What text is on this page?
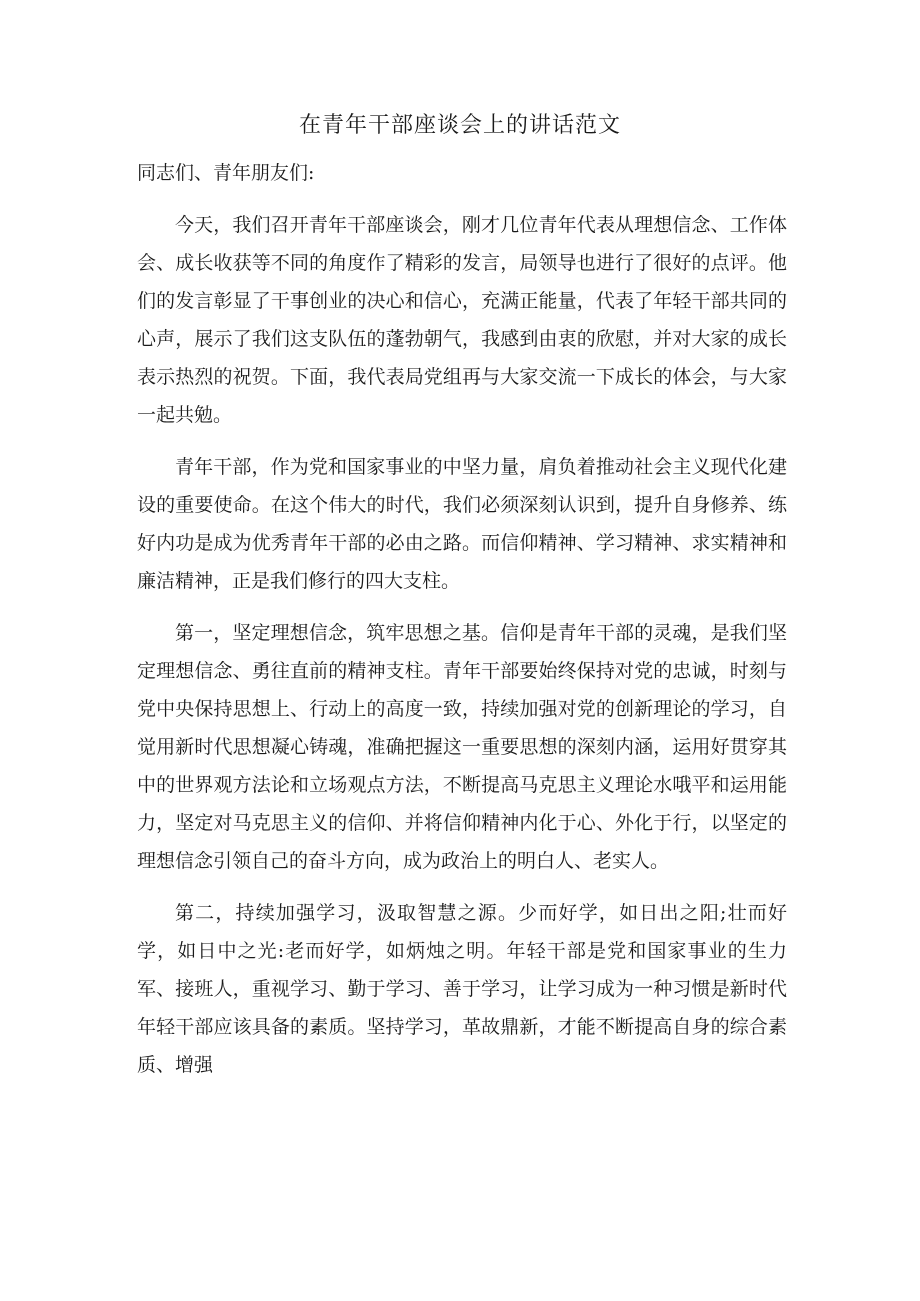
在青年干部座谈会上的讲话范文

同志们、青年朋友们:

今天，我们召开青年干部座谈会，刚才几位青年代表从理想信念、工作体会、成长收获等不同的角度作了精彩的发言，局领导也进行了很好的点评。他们的发言彰显了干事创业的决心和信心，充满正能量，代表了年轻干部共同的心声，展示了我们这支队伍的蓬勃朝气，我感到由衷的欣慰，并对大家的成长表示热烈的祝贺。下面，我代表局党组再与大家交流一下成长的体会，与大家一起共勉。

青年干部，作为党和国家事业的中坚力量，肩负着推动社会主义现代化建设的重要使命。在这个伟大的时代，我们必须深刻认识到，提升自身修养、练好内功是成为优秀青年干部的必由之路。而信仰精神、学习精神、求实精神和廉洁精神，正是我们修行的四大支柱。

第一，坚定理想信念，筑牢思想之基。信仰是青年干部的灵魂，是我们坚定理想信念、勇往直前的精神支柱。青年干部要始终保持对党的忠诚，时刻与党中央保持思想上、行动上的高度一致，持续加强对党的创新理论的学习，自觉用新时代思想凝心铸魂，准确把握这一重要思想的深刻内涵，运用好贯穿其中的世界观方法论和立场观点方法，不断提高马克思主义理论水哦平和运用能力，坚定对马克思主义的信仰、并将信仰精神内化于心、外化于行，以坚定的理想信念引领自己的奋斗方向，成为政治上的明白人、老实人。

第二，持续加强学习，汲取智慧之源。少而好学，如日出之阳;壮而好学，如日中之光:老而好学，如炳烛之明。年轻干部是党和国家事业的生力军、接班人，重视学习、勤于学习、善于学习，让学习成为一种习惯是新时代年轻干部应该具备的素质。坚持学习，革故鼎新，才能不断提高自身的综合素质、增强
